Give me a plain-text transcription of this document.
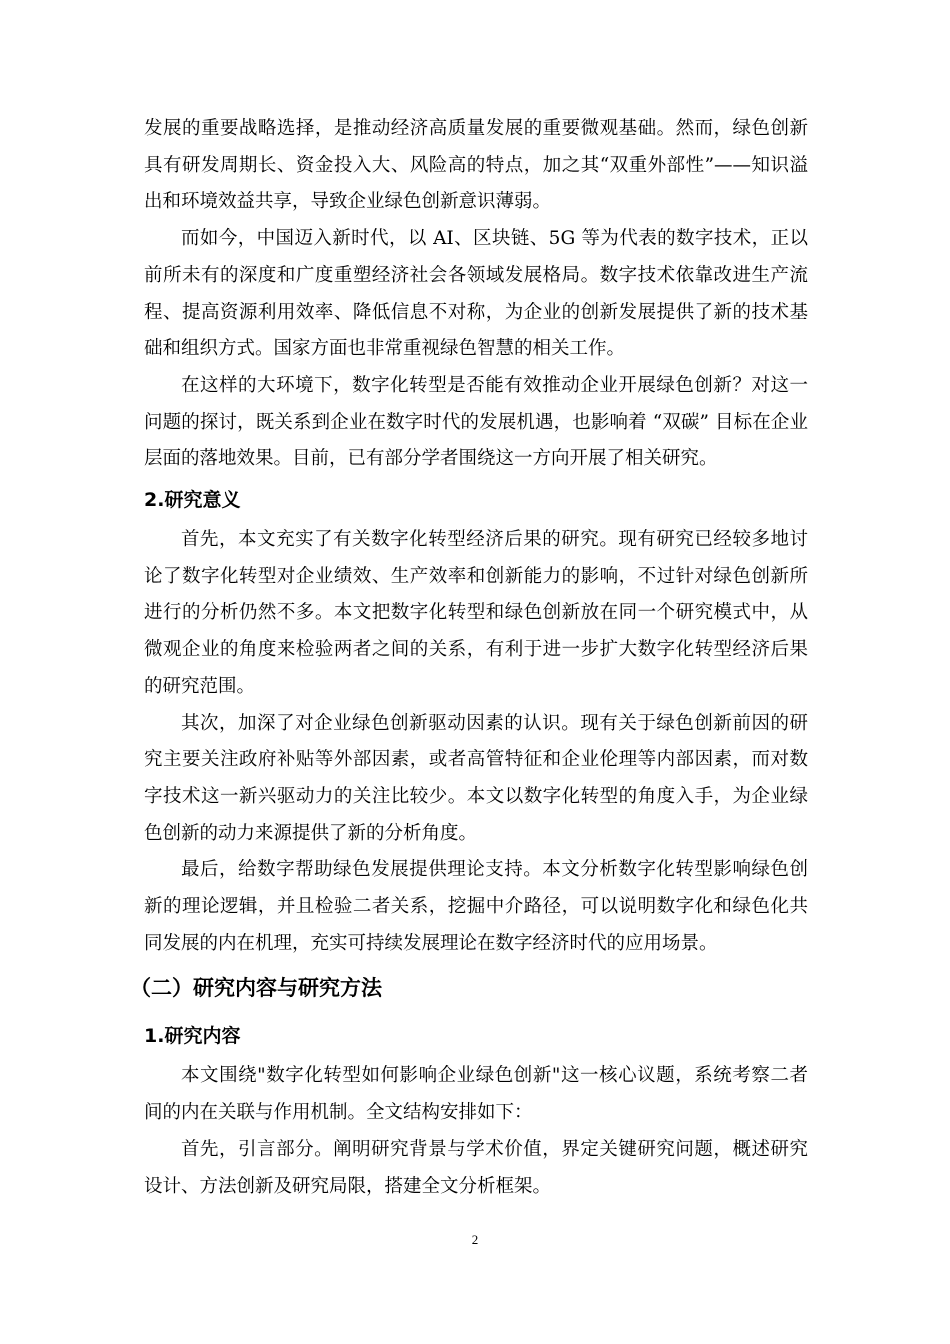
发展的重要战略选择，是推动经济高质量发展的重要微观基础。然而，绿色创新具有研发周期长、资金投入大、风险高的特点，加之其“双重外部性”——知识溢出和环境效益共享，导致企业绿色创新意识薄弱。

而如今，中国迈入新时代，以 AI、区块链、5G 等为代表的数字技术，正以前所未有的深度和广度重塑经济社会各领域发展格局。数字技术依靠改进生产流程、提高资源利用效率、降低信息不对称，为企业的创新发展提供了新的技术基础和组织方式。国家方面也非常重视绿色智慧的相关工作。

在这样的大环境下，数字化转型是否能有效推动企业开展绿色创新？对这一问题的探讨，既关系到企业在数字时代的发展机遇，也影响着 “双碳” 目标在企业层面的落地效果。目前，已有部分学者围绕这一方向开展了相关研究。

2.研究意义

首先，本文充实了有关数字化转型经济后果的研究。现有研究已经较多地讨论了数字化转型对企业绩效、生产效率和创新能力的影响，不过针对绿色创新所进行的分析仍然不多。本文把数字化转型和绿色创新放在同一个研究模式中，从微观企业的角度来检验两者之间的关系，有利于进一步扩大数字化转型经济后果的研究范围。

其次，加深了对企业绿色创新驱动因素的认识。现有关于绿色创新前因的研究主要关注政府补贴等外部因素，或者高管特征和企业伦理等内部因素，而对数字技术这一新兴驱动力的关注比较少。本文以数字化转型的角度入手，为企业绿色创新的动力来源提供了新的分析角度。

最后，给数字帮助绿色发展提供理论支持。本文分析数字化转型影响绿色创新的理论逻辑，并且检验二者关系，挖掘中介路径，可以说明数字化和绿色化共同发展的内在机理，充实可持续发展理论在数字经济时代的应用场景。

（二）研究内容与研究方法
1.研究内容

本文围绕"数字化转型如何影响企业绿色创新"这一核心议题，系统考察二者间的内在关联与作用机制。全文结构安排如下：

首先，引言部分。阐明研究背景与学术价值，界定关键研究问题，概述研究设计、方法创新及研究局限，搭建全文分析框架。

2
